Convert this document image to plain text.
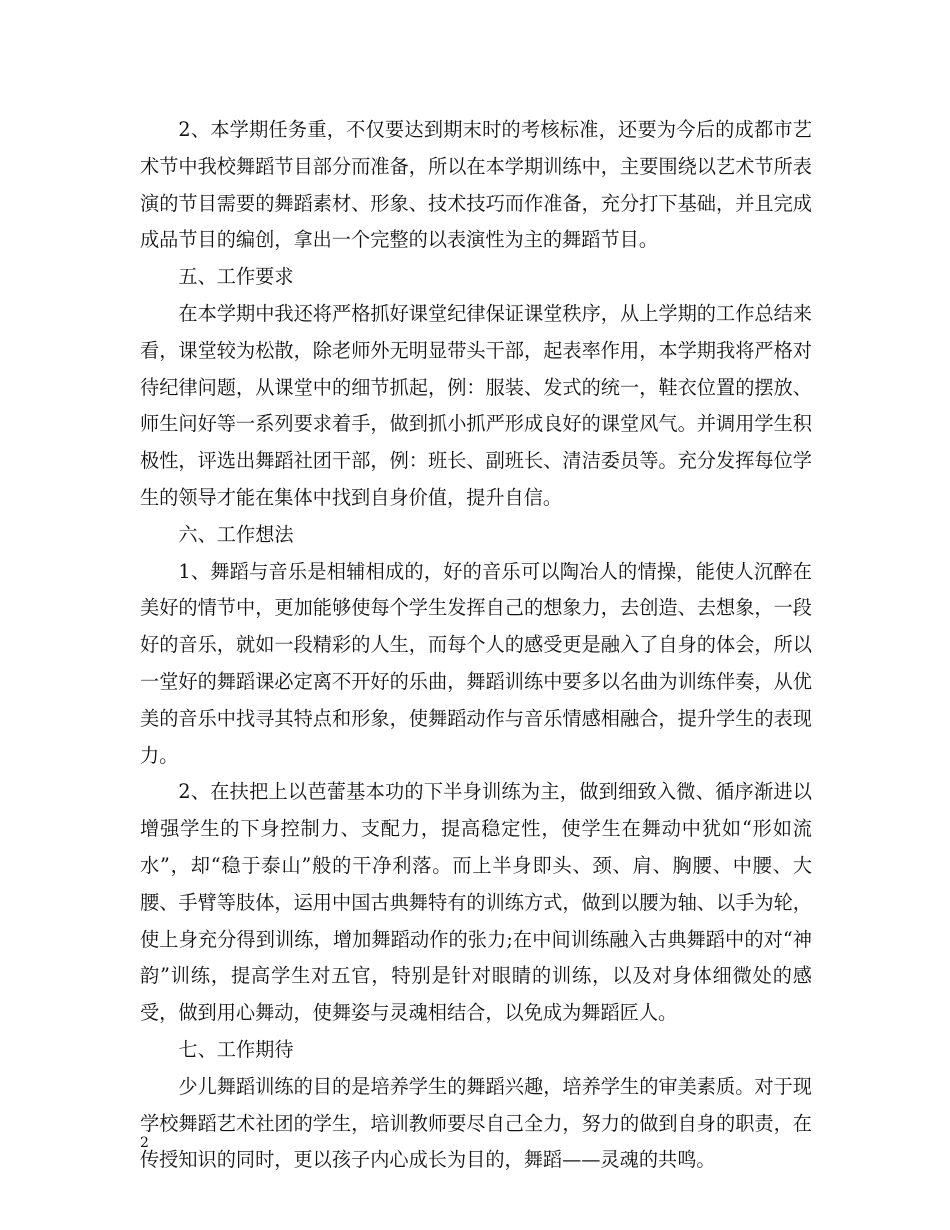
2、本学期任务重，不仅要达到期末时的考核标准，还要为今后的成都市艺术节中我校舞蹈节目部分而准备，所以在本学期训练中，主要围绕以艺术节所表演的节目需要的舞蹈素材、形象、技术技巧而作准备，充分打下基础，并且完成成品节目的编创，拿出一个完整的以表演性为主的舞蹈节目。

五、工作要求

在本学期中我还将严格抓好课堂纪律保证课堂秩序，从上学期的工作总结来看，课堂较为松散，除老师外无明显带头干部，起表率作用，本学期我将严格对待纪律问题，从课堂中的细节抓起，例：服装、发式的统一，鞋衣位置的摆放、师生问好等一系列要求着手，做到抓小抓严形成良好的课堂风气。并调用学生积极性，评选出舞蹈社团干部，例：班长、副班长、清洁委员等。充分发挥每位学生的领导才能在集体中找到自身价值，提升自信。

六、工作想法

1、舞蹈与音乐是相辅相成的，好的音乐可以陶冶人的情操，能使人沉醉在美好的情节中，更加能够使每个学生发挥自己的想象力，去创造、去想象，一段好的音乐，就如一段精彩的人生，而每个人的感受更是融入了自身的体会，所以一堂好的舞蹈课必定离不开好的乐曲，舞蹈训练中要多以名曲为训练伴奏，从优美的音乐中找寻其特点和形象，使舞蹈动作与音乐情感相融合，提升学生的表现力。

2、在扶把上以芭蕾基本功的下半身训练为主，做到细致入微、循序渐进以增强学生的下身控制力、支配力，提高稳定性，使学生在舞动中犹如“形如流水”，却“稳于泰山”般的干净利落。而上半身即头、颈、肩、胸腰、中腰、大腰、手臂等肢体，运用中国古典舞特有的训练方式，做到以腰为轴、以手为轮，使上身充分得到训练，增加舞蹈动作的张力;在中间训练融入古典舞蹈中的对“神韵”训练，提高学生对五官，特别是针对眼睛的训练，以及对身体细微处的感受，做到用心舞动，使舞姿与灵魂相结合，以免成为舞蹈匠人。

七、工作期待

少儿舞蹈训练的目的是培养学生的舞蹈兴趣，培养学生的审美素质。对于现学校舞蹈艺术社团的学生，培训教师要尽自己全力，努力的做到自身的职责，在传授知识的同时，更以孩子内心成长为目的，舞蹈——灵魂的共鸣。

2
